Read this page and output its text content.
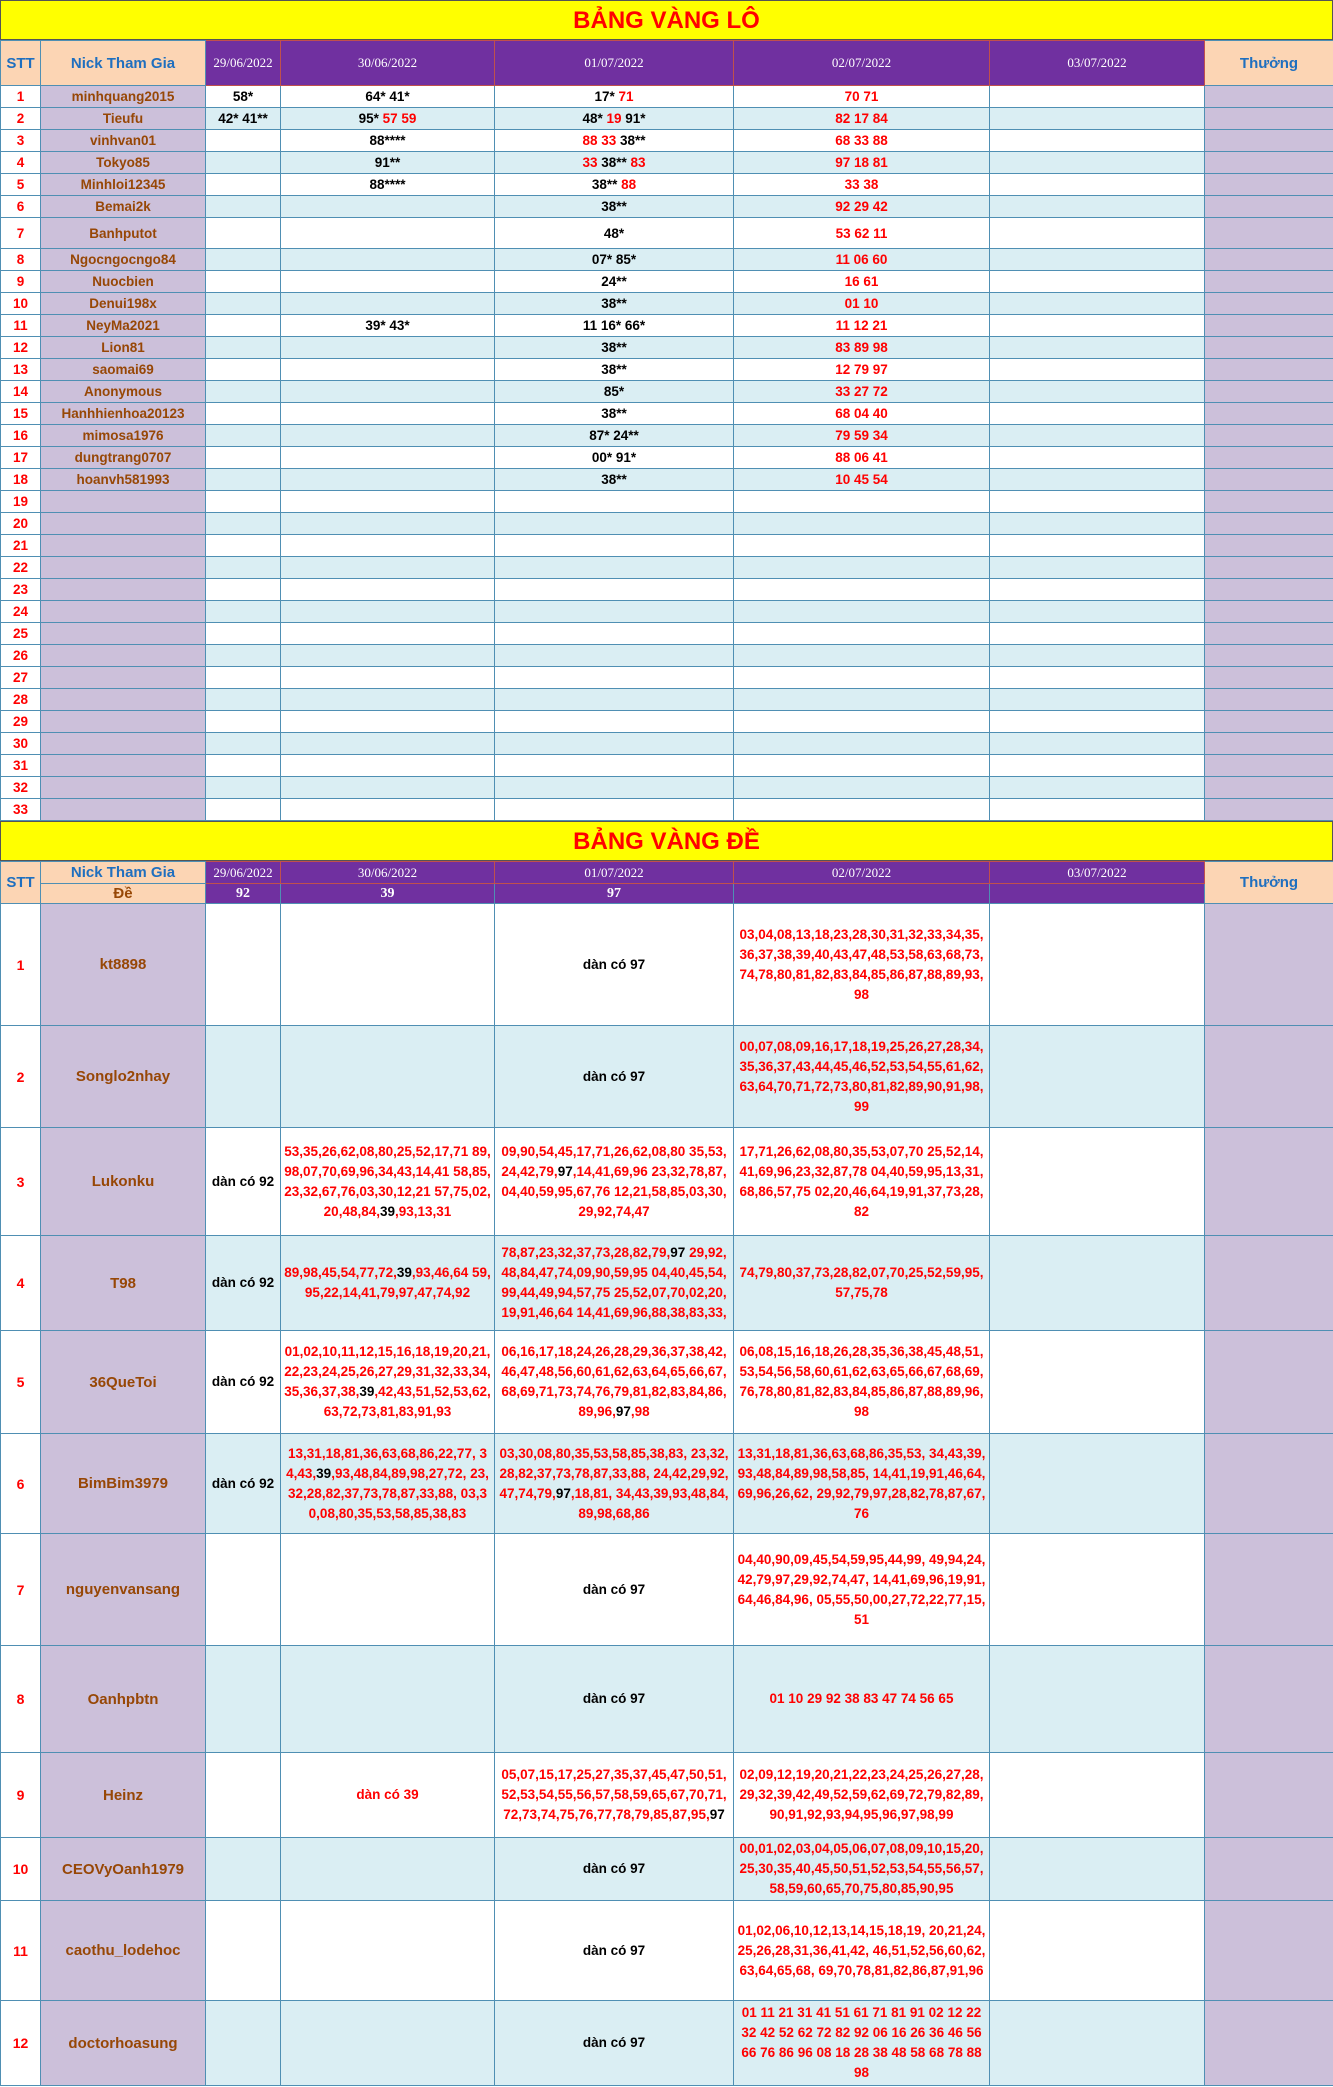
BẢNG VÀNG LÔ
STT	Nick Tham Gia	29/06/2022	30/06/2022	01/07/2022	02/07/2022	03/07/2022	Thưởng
1	minhquang2015	58*	64* 41*	17* 71	70 71		
2	Tieufu	42* 41**	95* 57 59	48* 19 91*	82 17 84		
3	vinhvan01		88****	88 33 38**	68 33 88		
4	Tokyo85		91**	33 38** 83	97 18 81		
5	Minhloi12345		88****	38** 88	33 38		
6	Bemai2k			38**	92 29 42		
7	Banhputot			48*	53 62 11		
8	Ngocngocngo84			07* 85*	11 06 60		
9	Nuocbien			24**	16 61		
10	Denui198x			38**	01 10		
11	NeyMa2021		39* 43*	11 16* 66*	11 12 21		
12	Lion81			38**	83 89 98		
13	saomai69			38**	12 79 97		
14	Anonymous			85*	33 27 72		
15	Hanhhienhoa20123			38**	68 04 40		
16	mimosa1976			87* 24**	79 59 34		
17	dungtrang0707			00* 91*	88 06 41		
18	hoanvh581993			38**	10 45 54		
19							
20							
21							
22							
23							
24							
25							
26							
27							
28							
29							
30							
31							
32							
33							
BẢNG VÀNG ĐỀ
STT	Nick Tham Gia	29/06/2022	30/06/2022	01/07/2022	02/07/2022	03/07/2022	Thưởng
	Đề	92	39	97			
1	kt8898			dàn có 97	03,04,08,13,18,23,28,30,31,32,33,34,35,36,37,38,39,40,43,47,48,53,58,63,68,73,74,78,80,81,82,83,84,85,86,87,88,89,93,98		
2	Songlo2nhay			dàn có 97	00,07,08,09,16,17,18,19,25,26,27,28,34,35,36,37,43,44,45,46,52,53,54,55,61,62,63,64,70,71,72,73,80,81,82,89,90,91,98,99		
3	Lukonku	dàn có 92	53,35,26,62,08,80,25,52,17,71 89,98,07,70,69,96,34,43,14,41 58,85,23,32,67,76,03,30,12,21 57,75,02,20,48,84,39,93,13,31	09,90,54,45,17,71,26,62,08,80 35,53,24,42,79,97,14,41,69,96 23,32,78,87,04,40,59,95,67,76 12,21,58,85,03,30,29,92,74,47	17,71,26,62,08,80,35,53,07,70 25,52,14,41,69,96,23,32,87,78 04,40,59,95,13,31,68,86,57,75 02,20,46,64,19,91,37,73,28,82		
4	T98	dàn có 92	89,98,45,54,77,72,39,93,46,64 59,95,22,14,41,79,97,47,74,92	78,87,23,32,37,73,28,82,79,97 29,92,48,84,47,74,09,90,59,95 04,40,45,54,99,44,49,94,57,75 25,52,07,70,02,20,19,91,46,64 14,41,69,96,88,38,83,33,	74,79,80,37,73,28,82,07,70,25,52,59,95,57,75,78		
5	36QueToi	dàn có 92	01,02,10,11,12,15,16,18,19,20,21,22,23,24,25,26,27,29,31,32,33,34,35,36,37,38,39,42,43,51,52,53,62,63,72,73,81,83,91,93	06,16,17,18,24,26,28,29,36,37,38,42,46,47,48,56,60,61,62,63,64,65,66,67,68,69,71,73,74,76,79,81,82,83,84,86,89,96,97,98	06,08,15,16,18,26,28,35,36,38,45,48,51,53,54,56,58,60,61,62,63,65,66,67,68,69,76,78,80,81,82,83,84,85,86,87,88,89,96,98		
6	BimBim3979	dàn có 92	13,31,18,81,36,63,68,86,22,77, 34,43,39,93,48,84,89,98,27,72, 23,32,28,82,37,73,78,87,33,88, 03,30,08,80,35,53,58,85,38,83	03,30,08,80,35,53,58,85,38,83, 23,32,28,82,37,73,78,87,33,88, 24,42,29,92,47,74,79,97,18,81, 34,43,39,93,48,84,89,98,68,86	13,31,18,81,36,63,68,86,35,53, 34,43,39,93,48,84,89,98,58,85, 14,41,19,91,46,64,69,96,26,62, 29,92,79,97,28,82,78,87,67,76		
7	nguyenvansang			dàn có 97	04,40,90,09,45,54,59,95,44,99, 49,94,24,42,79,97,29,92,74,47, 14,41,69,96,19,91,64,46,84,96, 05,55,50,00,27,72,22,77,15,51		
8	Oanhpbtn			dàn có 97	01 10 29 92 38 83 47 74 56 65		
9	Heinz		dàn có 39	05,07,15,17,25,27,35,37,45,47,50,51,52,53,54,55,56,57,58,59,65,67,70,71,72,73,74,75,76,77,78,79,85,87,95,97	02,09,12,19,20,21,22,23,24,25,26,27,28,29,32,39,42,49,52,59,62,69,72,79,82,89,90,91,92,93,94,95,96,97,98,99		
10	CEOVyOanh1979			dàn có 97	00,01,02,03,04,05,06,07,08,09,10,15,20,25,30,35,40,45,50,51,52,53,54,55,56,57,58,59,60,65,70,75,80,85,90,95		
11	caothu_lodehoc			dàn có 97	01,02,06,10,12,13,14,15,18,19, 20,21,24,25,26,28,31,36,41,42, 46,51,52,56,60,62,63,64,65,68, 69,70,78,81,82,86,87,91,96		
12	doctorhoasung			dàn có 97	01 11 21 31 41 51 61 71 81 91 02 12 22 32 42 52 62 72 82 92 06 16 26 36 46 56 66 76 86 96 08 18 28 38 48 58 68 78 88 98		
